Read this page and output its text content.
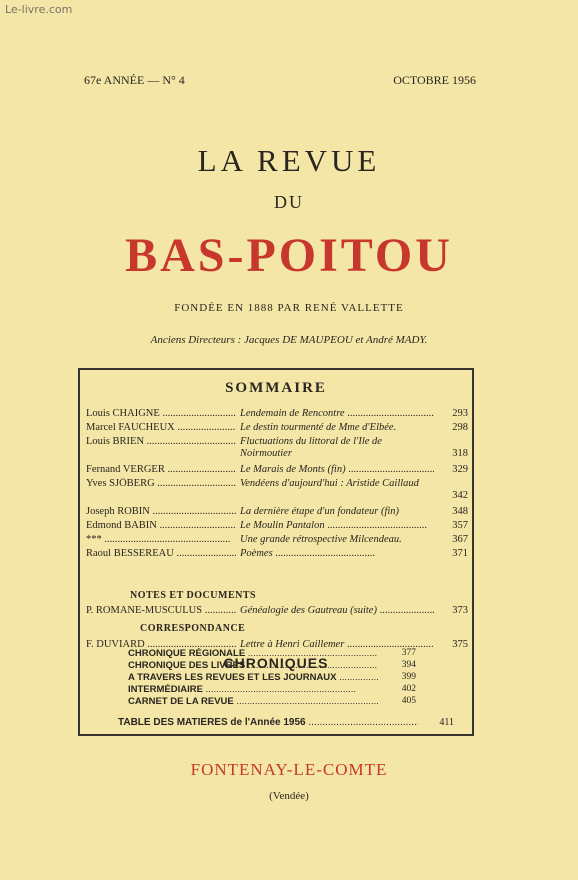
Le-livre.com
67e ANNÉE — N° 4	OCTOBRE 1956
LA REVUE
DU
BAS-POITOU
FONDÉE EN 1888 PAR RENÉ VALLETTE
Anciens Directeurs : Jacques DE MAUPEOU et André MADY.
SOMMAIRE
Louis CHAIGNE .....	Lendemain de Rencontre .....	293
Marcel FAUCHEUX .....	Le destin tourmenté de Mme d'Elbée.	298
Louis BRIEN .....	Fluctuations du littoral de l'Ile de Noirmoutier	318
Fernand VERGER .....	Le Marais de Monts (fin) .....	329
Yves SJÖBERG .....	Vendéens d'aujourd'hui : Aristide Caillaud
342
Joseph ROBIN .....	La dernière étape d'un fondateur (fin)	348
Edmond BABIN .....	Le Moulin Pantalon .....	357
*** .....	Une grande rétrospective Milcendeau.	367
Raoul BESSEREAU .....	Poèmes .....	371
NOTES ET DOCUMENTS
P. ROMANE-MUSCULUS .....	Généalogie des Gautreau (suite) .....	373
CORRESPONDANCE
F. DUVIARD .....	Lettre à Henri Caillemer .....	375
CHRONIQUES
CHRONIQUE RÉGIONALE .....	377
CHRONIQUE DES LIVRES .....	394
A TRAVERS LES REVUES ET LES JOURNAUX .....	399
INTERMÉDIAIRE .....	402
CARNET DE LA REVUE .....	405
TABLE DES MATIÈRES de l'Année 1956 .....	411
FONTENAY-LE-COMTE
(Vendée)
